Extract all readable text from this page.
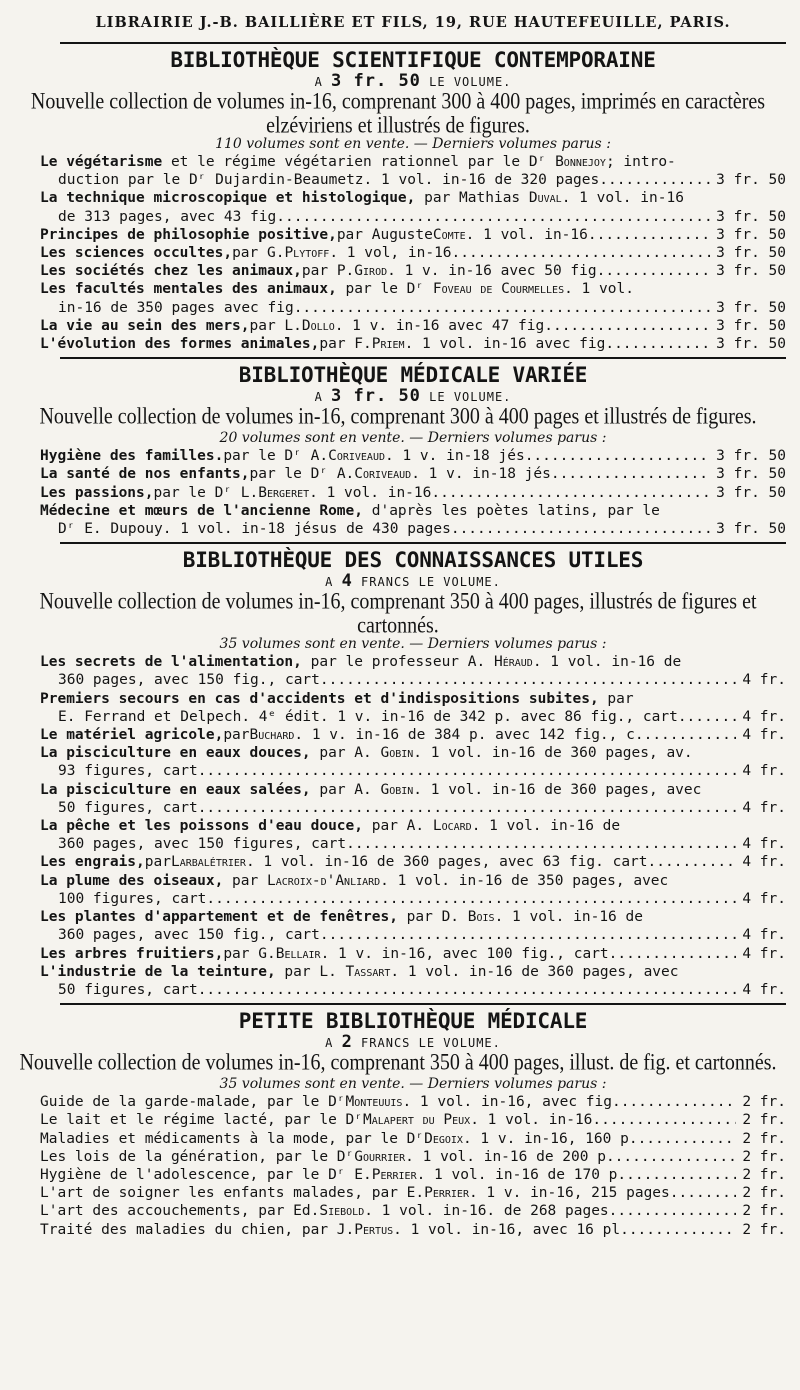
LIBRAIRIE J.-B. BAILLIÈRE ET FILS, 19, RUE HAUTEFEUILLE, PARIS.
BIBLIOTHÈQUE SCIENTIFIQUE CONTEMPORAINE
A 3 fr. 50 LE VOLUME.
Nouvelle collection de volumes in-16, comprenant 300 à 400 pages, imprimés en caractères elzéviriens et illustrés de figures.
110 volumes sont en vente. — Derniers volumes parus :
Le végétarisme et le régime végétarien rationnel par le Dʳ Bonnejoy; intro-
duction par le Dʳ Dujardin-Beaumetz. 1 vol. in-16 de 320 pages.. .....	3 fr. 50
La technique microscopique et histologique, par Mathias Duval. 1 vol. in-16
de 313 pages, avec 43 fig .....	3 fr. 50
Principes de philosophie positive, par Auguste Comte . 1 vol. in-16. .....	3 fr. 50
Les sciences occultes, par G. Plytoff . 1 vol, in-16 .....	3 fr. 50
Les sociétés chez les animaux, par P. Girod . 1 v. in-16 avec 50 fig... .....	3 fr. 50
Les facultés mentales des animaux, par le Dʳ Foveau de Courmelles. 1 vol.
in-16 de 350 pages avec fig .....	3 fr. 50
La vie au sein des mers, par L. Dollo . 1 v. in-16 avec 47 fig .....	3 fr. 50
L'évolution des formes animales, par F. Priem . 1 vol. in-16 avec fig. .....	3 fr. 50
BIBLIOTHÈQUE MÉDICALE VARIÉE
A 3 fr. 50 LE VOLUME.
Nouvelle collection de volumes in-16, comprenant 300 à 400 pages et illustrés de figures.
20 volumes sont en vente. — Derniers volumes parus :
Hygiène des familles. par le Dʳ A. Coriveaud . 1 v. in-18 jés .....	3 fr. 50
La santé de nos enfants, par le Dʳ A. Coriveaud . 1 v. in-18 jés .....	3 fr. 50
Les passions, par le Dʳ L. Bergeret . 1 vol. in-16 .....	3 fr. 50
Médecine et mœurs de l'ancienne Rome, d'après les poètes latins, par le
Dʳ E. Dupouy. 1 vol. in-18 jésus de 430 pages .....	3 fr. 50
BIBLIOTHÈQUE DES CONNAISSANCES UTILES
A 4 FRANCS LE VOLUME.
Nouvelle collection de volumes in-16, comprenant 350 à 400 pages, illustrés de figures et cartonnés.
35 volumes sont en vente. — Derniers volumes parus :
Les secrets de l'alimentation, par le professeur A. Héraud. 1 vol. in-16 de
360 pages, avec 150 fig., cart .....	4 fr.
Premiers secours en cas d'accidents et d'indispositions subites, par
E. Ferrand et Delpech. 4ᵉ édit. 1 v. in-16 de 342 p. avec 86 fig., cart .....	4 fr.
Le matériel agricole, par Buchard . 1 v. in-16 de 384 p. avec 142 fig., c. .....	4 fr.
La pisciculture en eaux douces, par A. Gobin. 1 vol. in-16 de 360 pages, av.
93 figures, cart .....	4 fr.
La pisciculture en eaux salées, par A. Gobin. 1 vol. in-16 de 360 pages, avec
50 figures, cart .....	4 fr.
La pêche et les poissons d'eau douce, par A. Locard. 1 vol. in-16 de
360 pages, avec 150 figures, cart .....	4 fr.
Les engrais, par Larbalétrier . 1 vol. in-16 de 360 pages, avec 63 fig. cart. .....	4 fr.
La plume des oiseaux, par Lacroix-d'Anliard. 1 vol. in-16 de 350 pages, avec
100 figures, cart .....	4 fr.
Les plantes d'appartement et de fenêtres, par D. Bois. 1 vol. in-16 de
360 pages, avec 150 fig., cart .....	4 fr.
Les arbres fruitiers, par G. Bellair . 1 v. in-16, avec 100 fig., cart....... .....	4 fr.
L'industrie de la teinture, par L. Tassart. 1 vol. in-16 de 360 pages, avec
50 figures, cart .....	4 fr.
PETITE BIBLIOTHÈQUE MÉDICALE
A 2 FRANCS LE VOLUME.
Nouvelle collection de volumes in-16, comprenant 350 à 400 pages, illust. de fig. et cartonnés.
35 volumes sont en vente. — Derniers volumes parus :
Guide de la garde-malade, par le Dʳ Monteuuis . 1 vol. in-16, avec fig. .....	2 fr.
Le lait et le régime lacté, par le Dʳ Malapert du Peux . 1 vol. in-16. .....	2 fr.
Maladies et médicaments à la mode, par le Dʳ Degoix . 1 v. in-16, 160 p. .....	2 fr.
Les lois de la génération, par le Dʳ Gourrier . 1 vol. in-16 de 200 p. .....	2 fr.
Hygiène de l'adolescence, par le Dʳ E. Perrier . 1 vol. in-16 de 170 p. .....	2 fr.
L'art de soigner les enfants malades, par E. Perrier . 1 v. in-16, 215 pages. .....	2 fr.
L'art des accouchements, par Ed. Siebold . 1 vol. in-16. de 268 pages. .....	2 fr.
Traité des maladies du chien, par J. Pertus . 1 vol. in-16, avec 16 pl. .....	2 fr.
